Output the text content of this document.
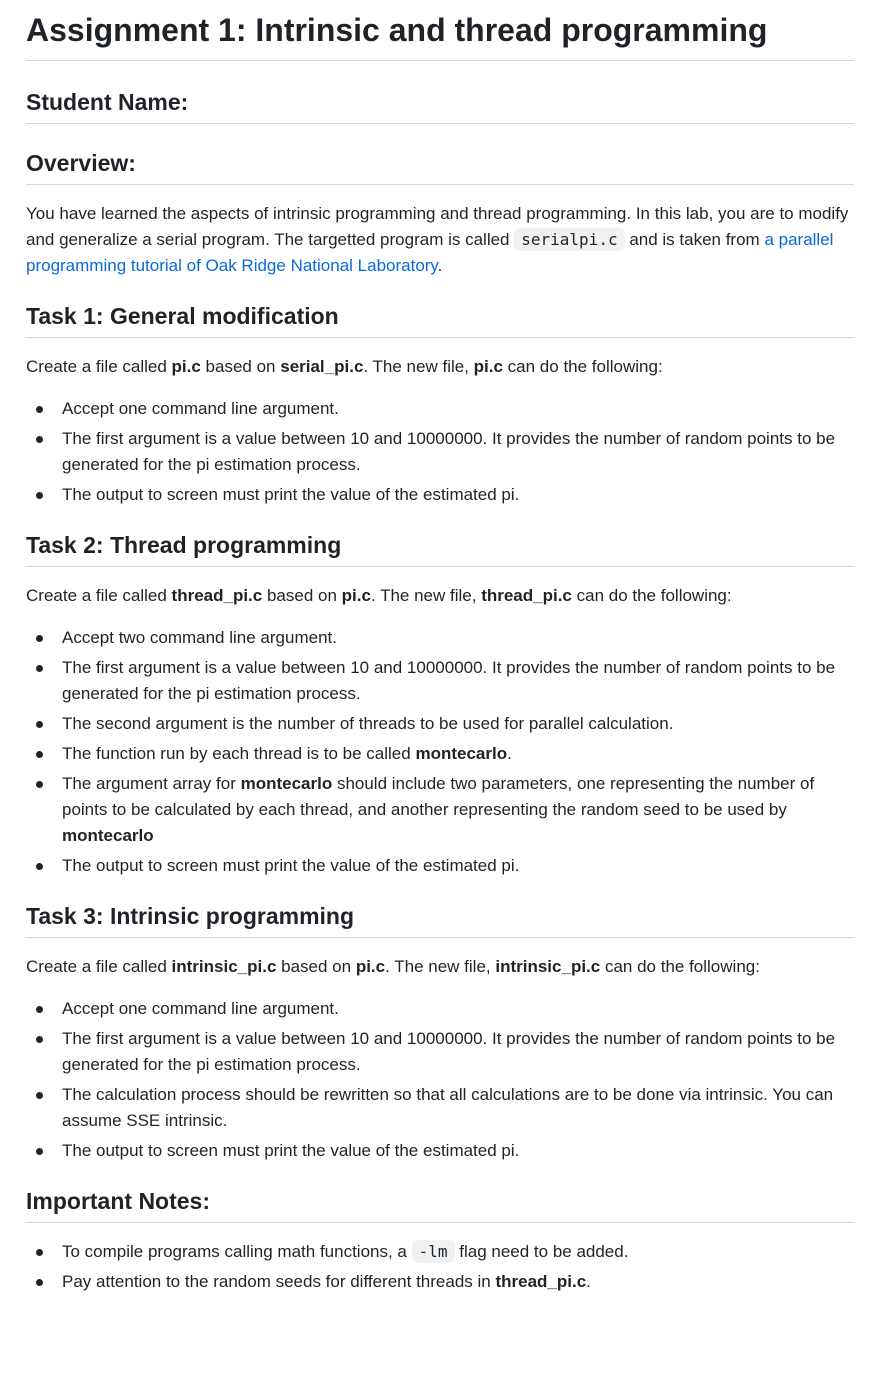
Assignment 1: Intrinsic and thread programming
Student Name:
Overview:

You have learned the aspects of intrinsic programming and thread programming. In this lab, you are to modify and generalize a serial program. The targetted program is called serialpi.c and is taken from a parallel programming tutorial of Oak Ridge National Laboratory.

Task 1: General modification

Create a file called pi.c based on serial_pi.c. The new file, pi.c can do the following:

Accept one command line argument.
The first argument is a value between 10 and 10000000. It provides the number of random points to be generated for the pi estimation process.
The output to screen must print the value of the estimated pi.
Task 2: Thread programming

Create a file called thread_pi.c based on pi.c. The new file, thread_pi.c can do the following:

Accept two command line argument.
The first argument is a value between 10 and 10000000. It provides the number of random points to be generated for the pi estimation process.
The second argument is the number of threads to be used for parallel calculation.
The function run by each thread is to be called montecarlo.
The argument array for montecarlo should include two parameters, one representing the number of points to be calculated by each thread, and another representing the random seed to be used by montecarlo
The output to screen must print the value of the estimated pi.
Task 3: Intrinsic programming

Create a file called intrinsic_pi.c based on pi.c. The new file, intrinsic_pi.c can do the following:

Accept one command line argument.
The first argument is a value between 10 and 10000000. It provides the number of random points to be generated for the pi estimation process.
The calculation process should be rewritten so that all calculations are to be done via intrinsic. You can assume SSE intrinsic.
The output to screen must print the value of the estimated pi.
Important Notes:
To compile programs calling math functions, a -lm flag need to be added.
Pay attention to the random seeds for different threads in thread_pi.c.
